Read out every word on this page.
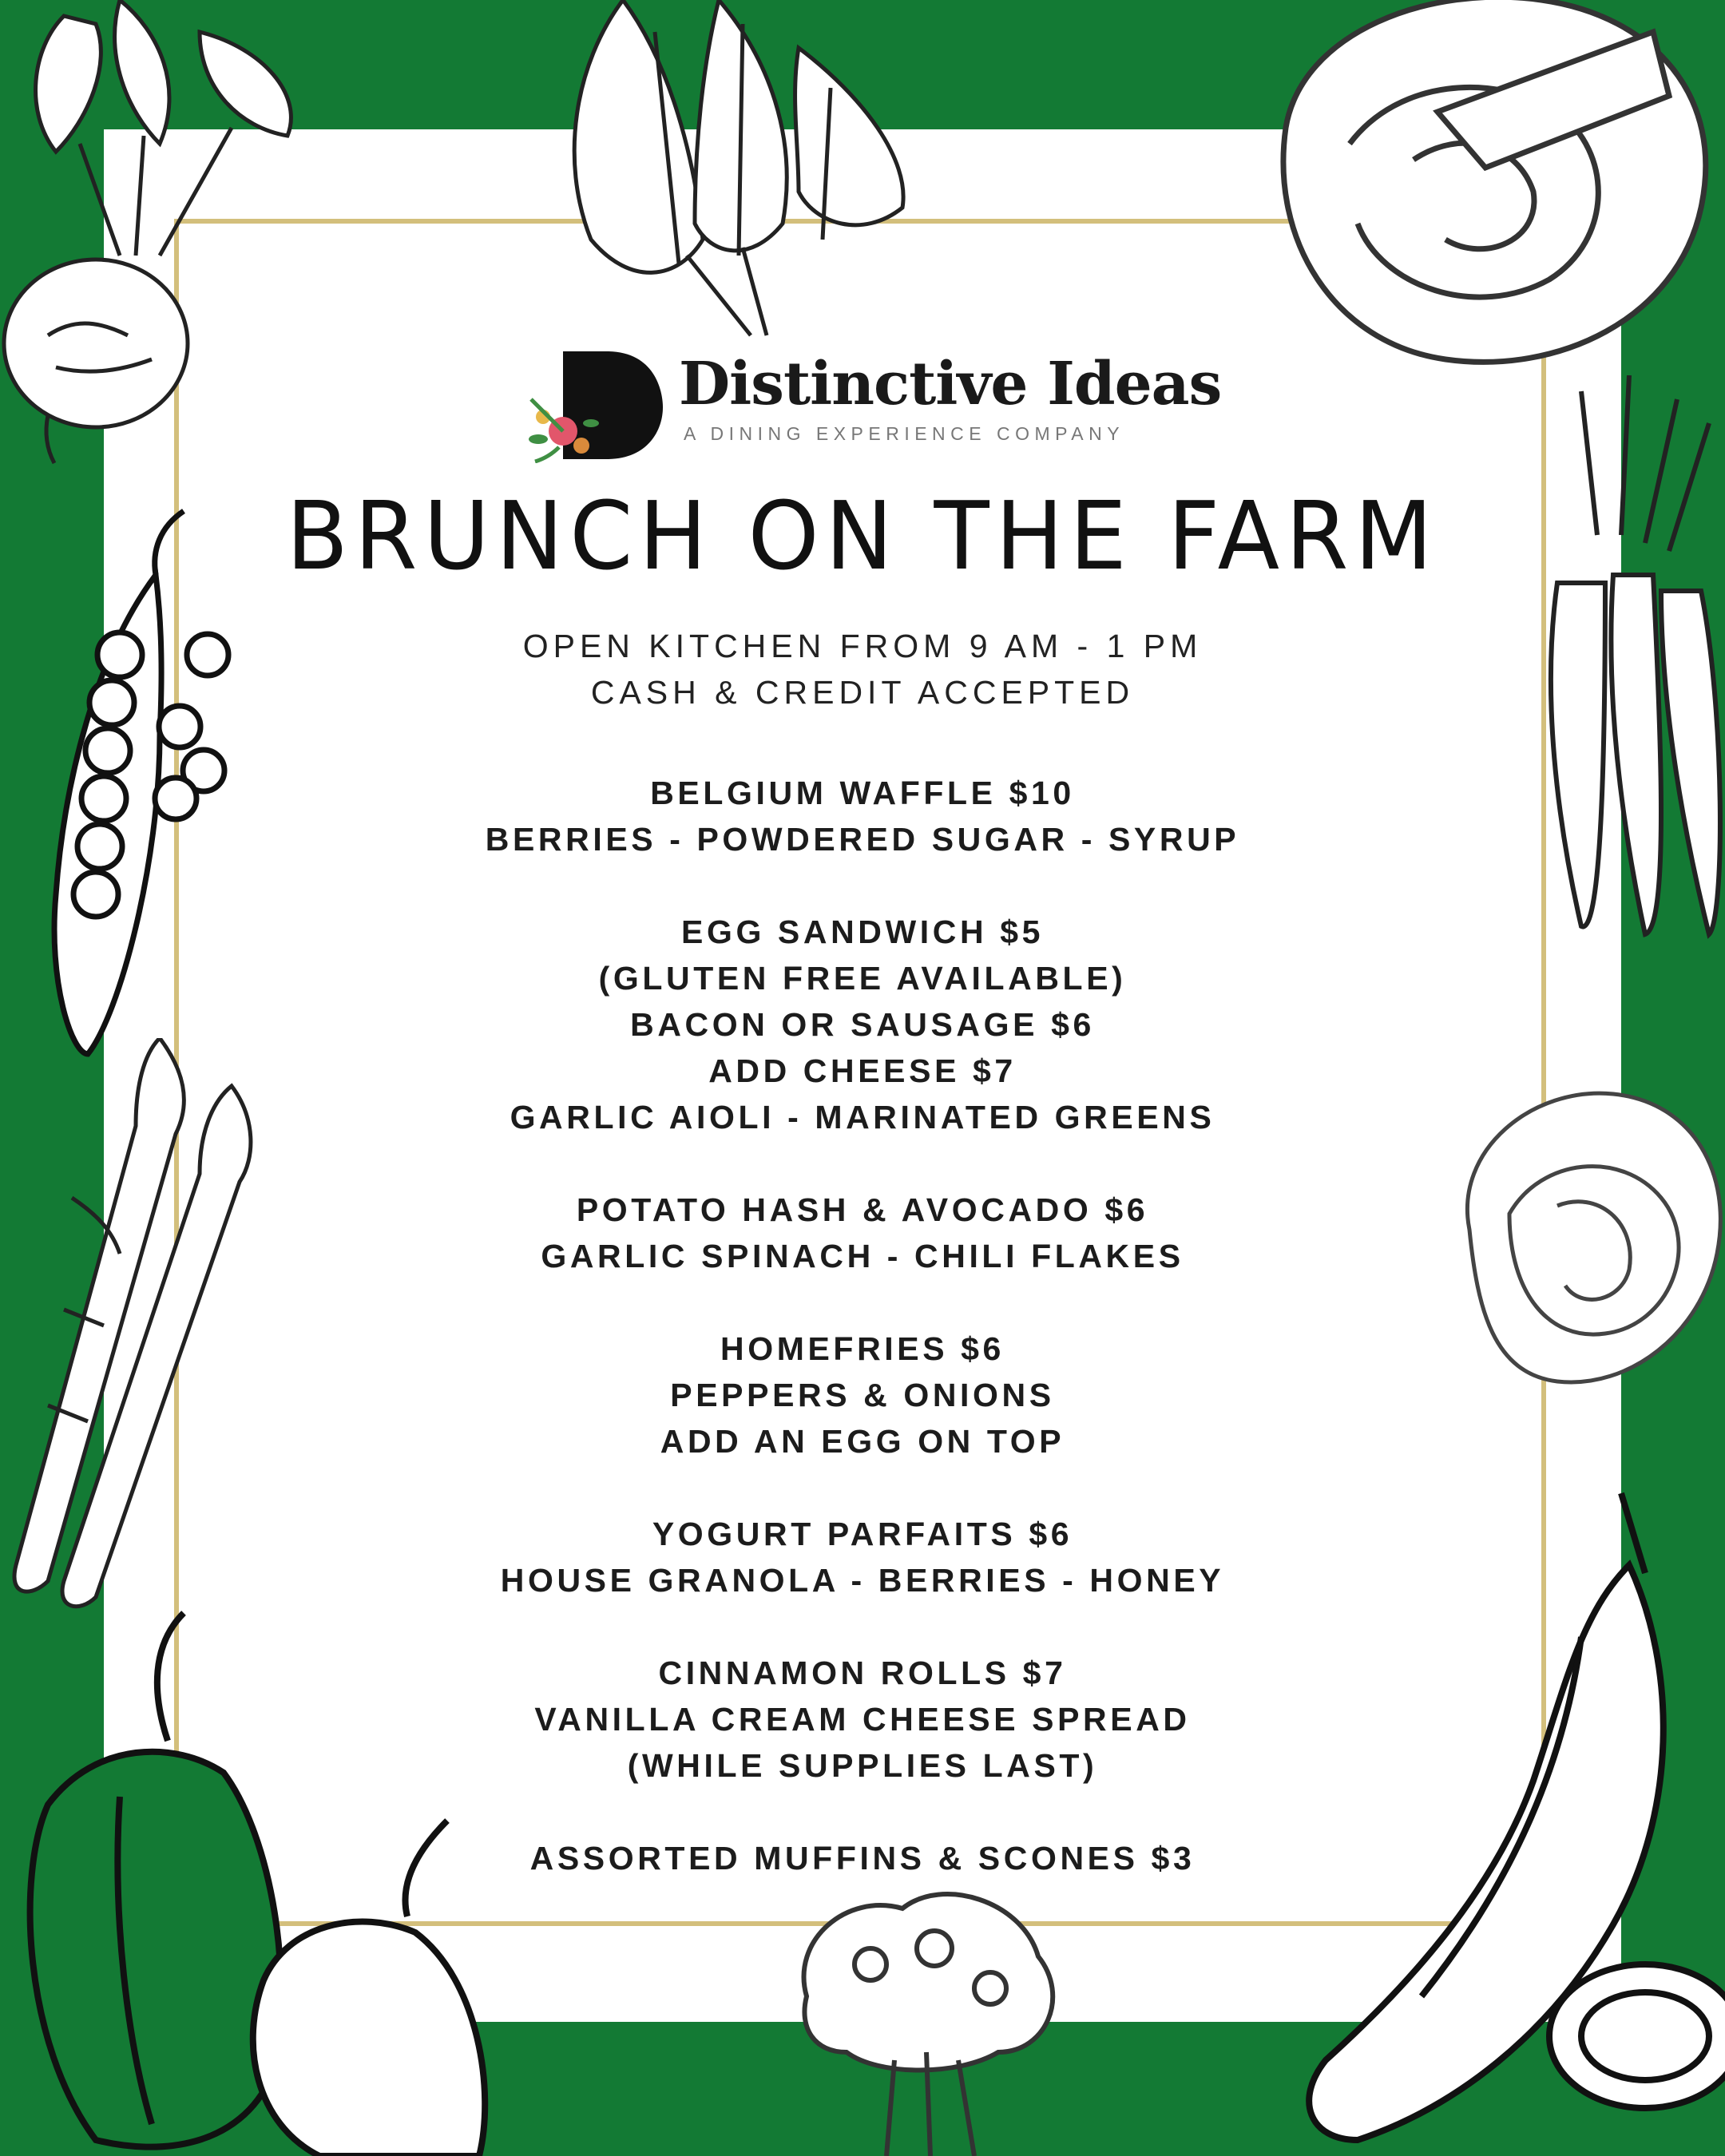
Distinctive Ideas
A DINING EXPERIENCE COMPANY
BRUNCH ON THE FARM
OPEN KITCHEN FROM 9 AM - 1 PM
CASH & CREDIT ACCEPTED
BELGIUM WAFFLE $10
BERRIES - POWDERED SUGAR - SYRUP
EGG SANDWICH $5
(GLUTEN FREE AVAILABLE)
BACON OR SAUSAGE $6
ADD CHEESE $7
GARLIC AIOLI - MARINATED GREENS
POTATO HASH & AVOCADO $6
GARLIC SPINACH - CHILI FLAKES
HOMEFRIES $6
PEPPERS & ONIONS
ADD AN EGG ON TOP
YOGURT PARFAITS $6
HOUSE GRANOLA - BERRIES - HONEY
CINNAMON ROLLS $7
VANILLA CREAM CHEESE SPREAD
(WHILE SUPPLIES LAST)
ASSORTED MUFFINS & SCONES $3
